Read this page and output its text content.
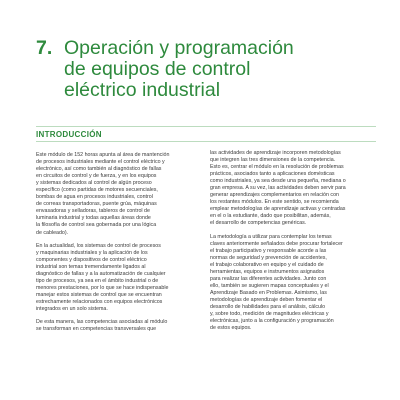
7. Operación y programación
de equipos de control
eléctrico industrial
INTRODUCCIÓN
Este módulo de 152 horas apunta al área de mantención
de procesos industriales mediante el control eléctrico y
electrónico, así como también al diagnóstico de fallas
en circuitos de control y de fuerza, y en los equipos
y sistemas dedicados al control de algún proceso
específico (como partidas de motores secuenciales,
bombas de agua en procesos industriales, control
de correas transportadoras, puente grúa, máquinas
envasadoras y selladoras, tableros de control de
luminaria industrial y todas aquellas áreas donde
la filosofía de control sea gobernada por una lógica
de cableado).
En la actualidad, los sistemas de control de procesos
y maquinarias industriales y la aplicación de los
componentes y dispositivos de control eléctrico
industrial son temas tremendamente ligados al
diagnóstico de fallas y a la automatización de cualquier
tipo de procesos, ya sea en el ámbito industrial o de
menores prestaciones, por lo que se hace indispensable
manejar estos sistemas de control que se encuentran
estrechamente relacionados con equipos electrónicos
integrados en un solo sistema.
De esta manera, las competencias asociadas al módulo
se transforman en competencias transversales que
las actividades de aprendizaje incorporen metodologías
que integren las tres dimensiones de la competencia.
Esto es, centrar el módulo en la resolución de problemas
prácticos, asociados tanto a aplicaciones domésticas
como industriales, ya sea desde una pequeña, mediana o
gran empresa. A su vez, las actividades deben servir para
generar aprendizajes complementarios en relación con
los restantes módulos. En este sentido, se recomienda
emplear metodologías de aprendizaje activas y centradas
en el o la estudiante, dado que posibilitan, además,
el desarrollo de competencias genéricas.
La metodología a utilizar para contemplar los temas
claves anteriormente señalados debe procurar fortalecer
el trabajo participativo y responsable acorde a las
normas de seguridad y prevención de accidentes,
el trabajo colaborativo en equipo y el cuidado de
herramientas, equipos e instrumentos asignados
para realizar las diferentes actividades. Junto con
ello, también se sugieren mapas conceptuales y el
Aprendizaje Basado en Problemas. Asimismo, las
metodologías de aprendizaje deben fomentar el
desarrollo de habilidades para el análisis, cálculo
y, sobre todo, medición de magnitudes eléctricas y
electrónicas, junto a la configuración y programación
de estos equipos.
